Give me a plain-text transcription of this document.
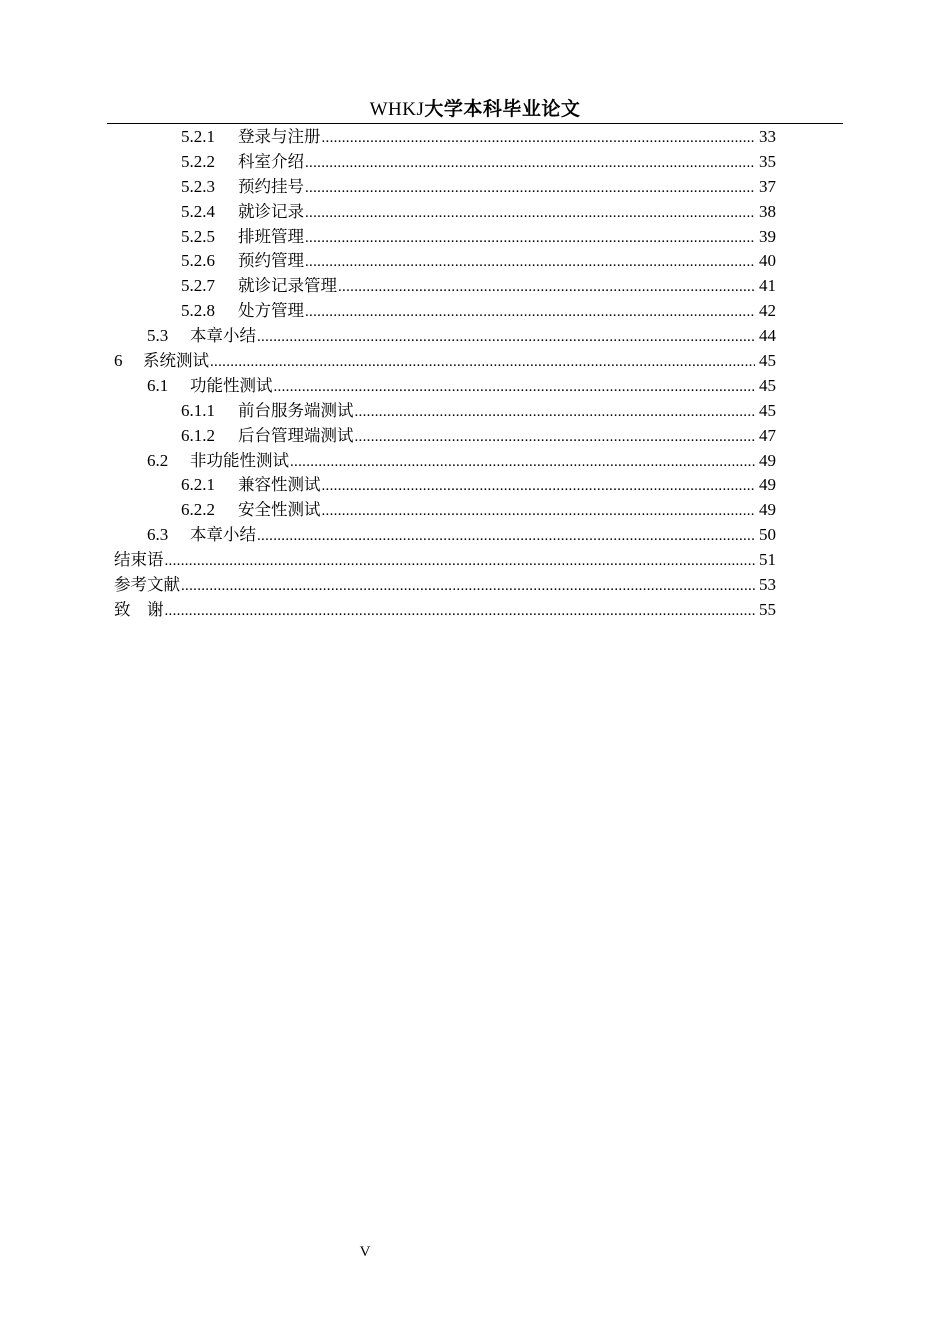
WHKJ大学本科毕业论文
5.2.1	登录与注册 .....	33
5.2.2	科室介绍 .....	35
5.2.3	预约挂号 .....	37
5.2.4	就诊记录 .....	38
5.2.5	排班管理 .....	39
5.2.6	预约管理 .....	40
5.2.7	就诊记录管理 .....	41
5.2.8	处方管理 .....	42
5.3	本章小结 .....	44
6	系统测试 .....	45
6.1	功能性测试 .....	45
6.1.1	前台服务端测试 .....	45
6.1.2	后台管理端测试 .....	47
6.2	非功能性测试 .....	49
6.2.1	兼容性测试 .....	49
6.2.2	安全性测试 .....	49
6.3	本章小结 .....	50
结束语 .....	51
参考文献 .....	53
致　谢 .....	55
V
